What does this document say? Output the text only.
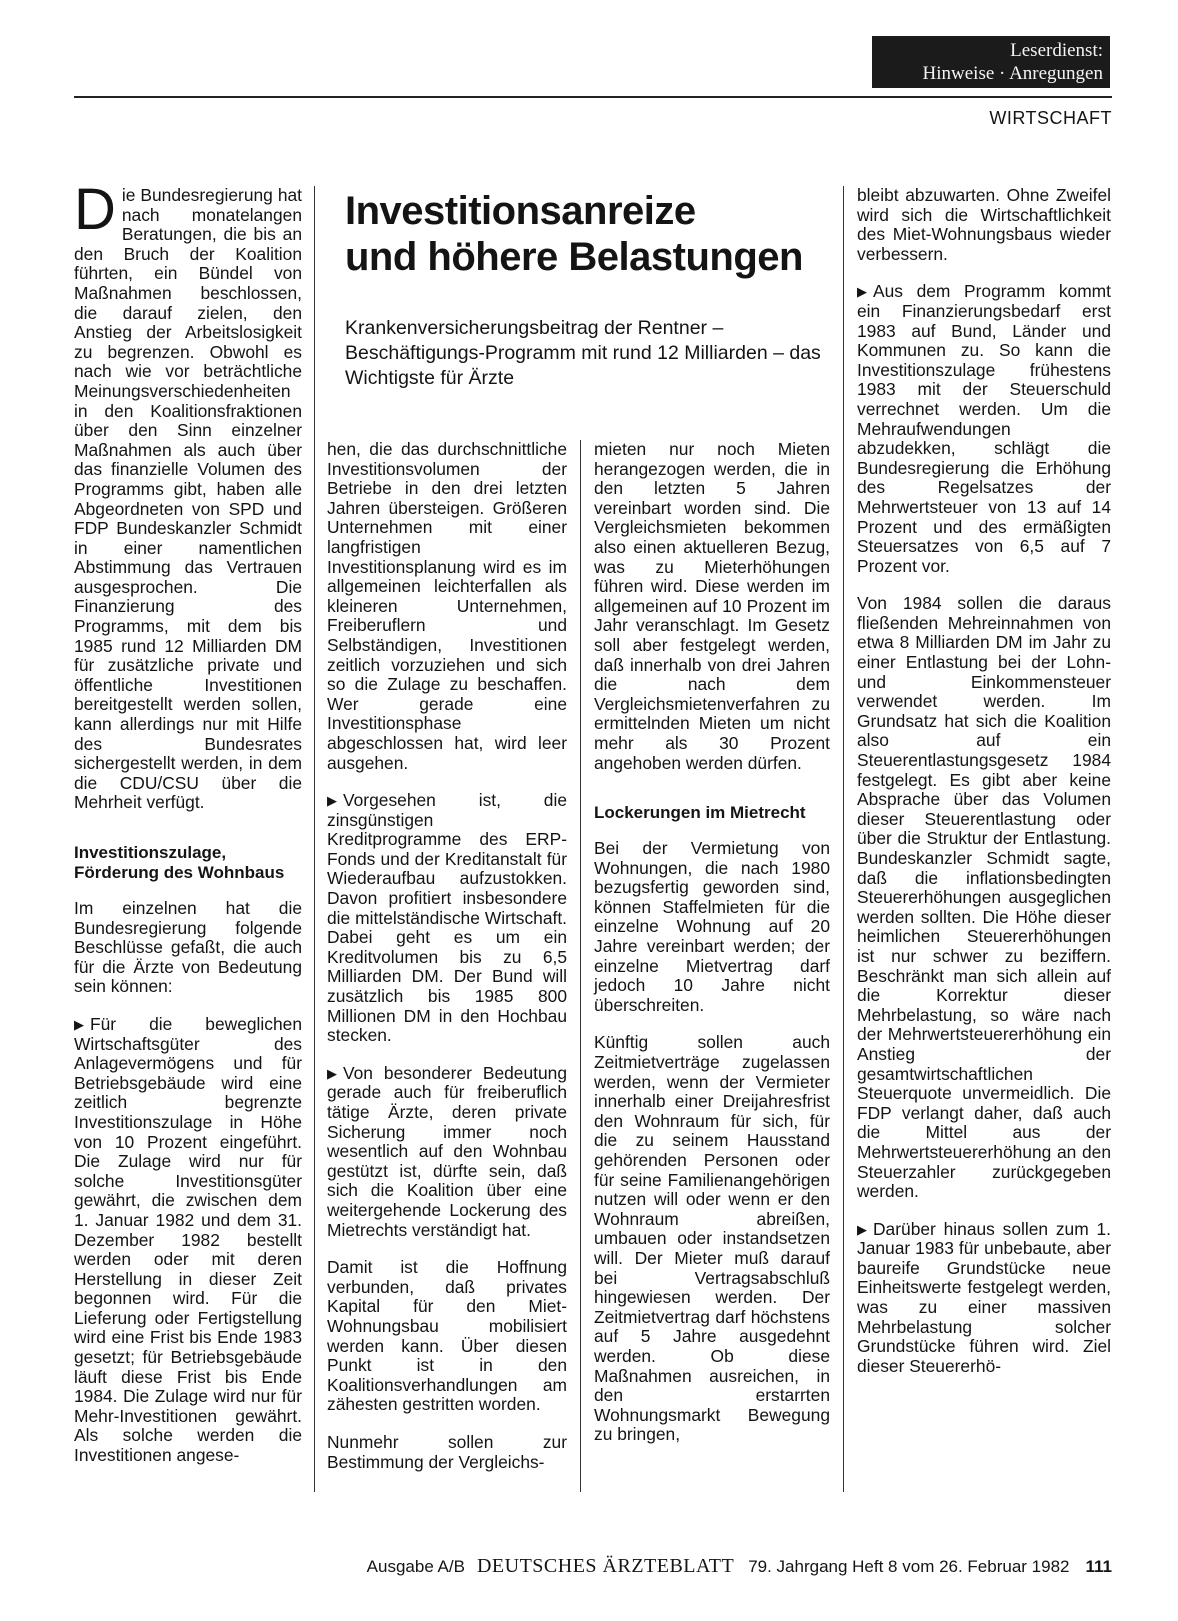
Leserdienst:
Hinweise · Anregungen
WIRTSCHAFT

Die Bundesregierung hat nach monatelangen Beratungen, die bis an den Bruch der Koalition führten, ein Bündel von Maßnahmen beschlossen, die darauf zielen, den Anstieg der Arbeitslosigkeit zu begrenzen. Obwohl es nach wie vor beträchtliche Meinungsverschiedenheiten in den Koalitionsfraktionen über den Sinn einzelner Maßnahmen als auch über das finanzielle Volumen des Programms gibt, haben alle Abgeordneten von SPD und FDP Bundeskanzler Schmidt in einer namentlichen Abstimmung das Vertrauen ausgesprochen. Die Finanzierung des Programms, mit dem bis 1985 rund 12 Milliarden DM für zusätzliche private und öffentliche Investitionen bereitgestellt werden sollen, kann allerdings nur mit Hilfe des Bundesrates sichergestellt werden, in dem die CDU/CSU über die Mehrheit verfügt.

Investitionszulage, Förderung des Wohnbaus

Im einzelnen hat die Bundesregierung folgende Beschlüsse gefaßt, die auch für die Ärzte von Bedeutung sein können:

▶ Für die beweglichen Wirtschaftsgüter des Anlagevermögens und für Betriebsgebäude wird eine zeitlich begrenzte Investitionszulage in Höhe von 10 Prozent eingeführt. Die Zulage wird nur für solche Investitionsgüter gewährt, die zwischen dem 1. Januar 1982 und dem 31. Dezember 1982 bestellt werden oder mit deren Herstellung in dieser Zeit begonnen wird. Für die Lieferung oder Fertigstellung wird eine Frist bis Ende 1983 gesetzt; für Betriebsgebäude läuft diese Frist bis Ende 1984. Die Zulage wird nur für Mehr-Investitionen gewährt. Als solche werden die Investitionen angese-

Investitionsanreize
und höhere Belastungen
Krankenversicherungsbeitrag der Rentner – Beschäftigungs-Programm mit rund 12 Milliarden – das Wichtigste für Ärzte

hen, die das durchschnittliche Investitionsvolumen der Betriebe in den drei letzten Jahren übersteigen. Größeren Unternehmen mit einer langfristigen Investitionsplanung wird es im allgemeinen leichterfallen als kleineren Unternehmen, Freiberuflern und Selbständigen, Investitionen zeitlich vorzuziehen und sich so die Zulage zu beschaffen. Wer gerade eine Investitionsphase abgeschlossen hat, wird leer ausgehen.

▶ Vorgesehen ist, die zinsgünstigen Kreditprogramme des ERP-Fonds und der Kreditanstalt für Wiederaufbau aufzustokken. Davon profitiert insbesondere die mittelständische Wirtschaft. Dabei geht es um ein Kreditvolumen bis zu 6,5 Milliarden DM. Der Bund will zusätzlich bis 1985 800 Millionen DM in den Hochbau stecken.

▶ Von besonderer Bedeutung gerade auch für freiberuflich tätige Ärzte, deren private Sicherung immer noch wesentlich auf den Wohnbau gestützt ist, dürfte sein, daß sich die Koalition über eine weitergehende Lockerung des Mietrechts verständigt hat.

Damit ist die Hoffnung verbunden, daß privates Kapital für den Miet-Wohnungsbau mobilisiert werden kann. Über diesen Punkt ist in den Koalitionsverhandlungen am zähesten gestritten worden.

Nunmehr sollen zur Bestimmung der Vergleichs-

mieten nur noch Mieten herangezogen werden, die in den letzten 5 Jahren vereinbart worden sind. Die Vergleichsmieten bekommen also einen aktuelleren Bezug, was zu Mieterhöhungen führen wird. Diese werden im allgemeinen auf 10 Prozent im Jahr veranschlagt. Im Gesetz soll aber festgelegt werden, daß innerhalb von drei Jahren die nach dem Vergleichsmietenverfahren zu ermittelnden Mieten um nicht mehr als 30 Prozent angehoben werden dürfen.

Lockerungen im Mietrecht

Bei der Vermietung von Wohnungen, die nach 1980 bezugsfertig geworden sind, können Staffelmieten für die einzelne Wohnung auf 20 Jahre vereinbart werden; der einzelne Mietvertrag darf jedoch 10 Jahre nicht überschreiten.

Künftig sollen auch Zeitmietverträge zugelassen werden, wenn der Vermieter innerhalb einer Dreijahresfrist den Wohnraum für sich, für die zu seinem Hausstand gehörenden Personen oder für seine Familienangehörigen nutzen will oder wenn er den Wohnraum abreißen, umbauen oder instandsetzen will. Der Mieter muß darauf bei Vertragsabschluß hingewiesen werden. Der Zeitmietvertrag darf höchstens auf 5 Jahre ausgedehnt werden. Ob diese Maßnahmen ausreichen, in den erstarrten Wohnungsmarkt Bewegung zu bringen,

bleibt abzuwarten. Ohne Zweifel wird sich die Wirtschaftlichkeit des Miet-Wohnungsbaus wieder verbessern.

▶ Aus dem Programm kommt ein Finanzierungsbedarf erst 1983 auf Bund, Länder und Kommunen zu. So kann die Investitionszulage frühestens 1983 mit der Steuerschuld verrechnet werden. Um die Mehraufwendungen abzudekken, schlägt die Bundesregierung die Erhöhung des Regelsatzes der Mehrwertsteuer von 13 auf 14 Prozent und des ermäßigten Steuersatzes von 6,5 auf 7 Prozent vor.

Von 1984 sollen die daraus fließenden Mehreinnahmen von etwa 8 Milliarden DM im Jahr zu einer Entlastung bei der Lohn- und Einkommensteuer verwendet werden. Im Grundsatz hat sich die Koalition also auf ein Steuerentlastungsgesetz 1984 festgelegt. Es gibt aber keine Absprache über das Volumen dieser Steuerentlastung oder über die Struktur der Entlastung. Bundeskanzler Schmidt sagte, daß die inflationsbedingten Steuererhöhungen ausgeglichen werden sollten. Die Höhe dieser heimlichen Steuererhöhungen ist nur schwer zu beziffern. Beschränkt man sich allein auf die Korrektur dieser Mehrbelastung, so wäre nach der Mehrwertsteuererhöhung ein Anstieg der gesamtwirtschaftlichen Steuerquote unvermeidlich. Die FDP verlangt daher, daß auch die Mittel aus der Mehrwertsteuererhöhung an den Steuerzahler zurückgegeben werden.

▶ Darüber hinaus sollen zum 1. Januar 1983 für unbebaute, aber baureife Grundstücke neue Einheitswerte festgelegt werden, was zu einer massiven Mehrbelastung solcher Grundstücke führen wird. Ziel dieser Steuererhö-

Ausgabe A/B DEUTSCHES ÄRZTEBLATT 79. Jahrgang Heft 8 vom 26. Februar 1982 111
